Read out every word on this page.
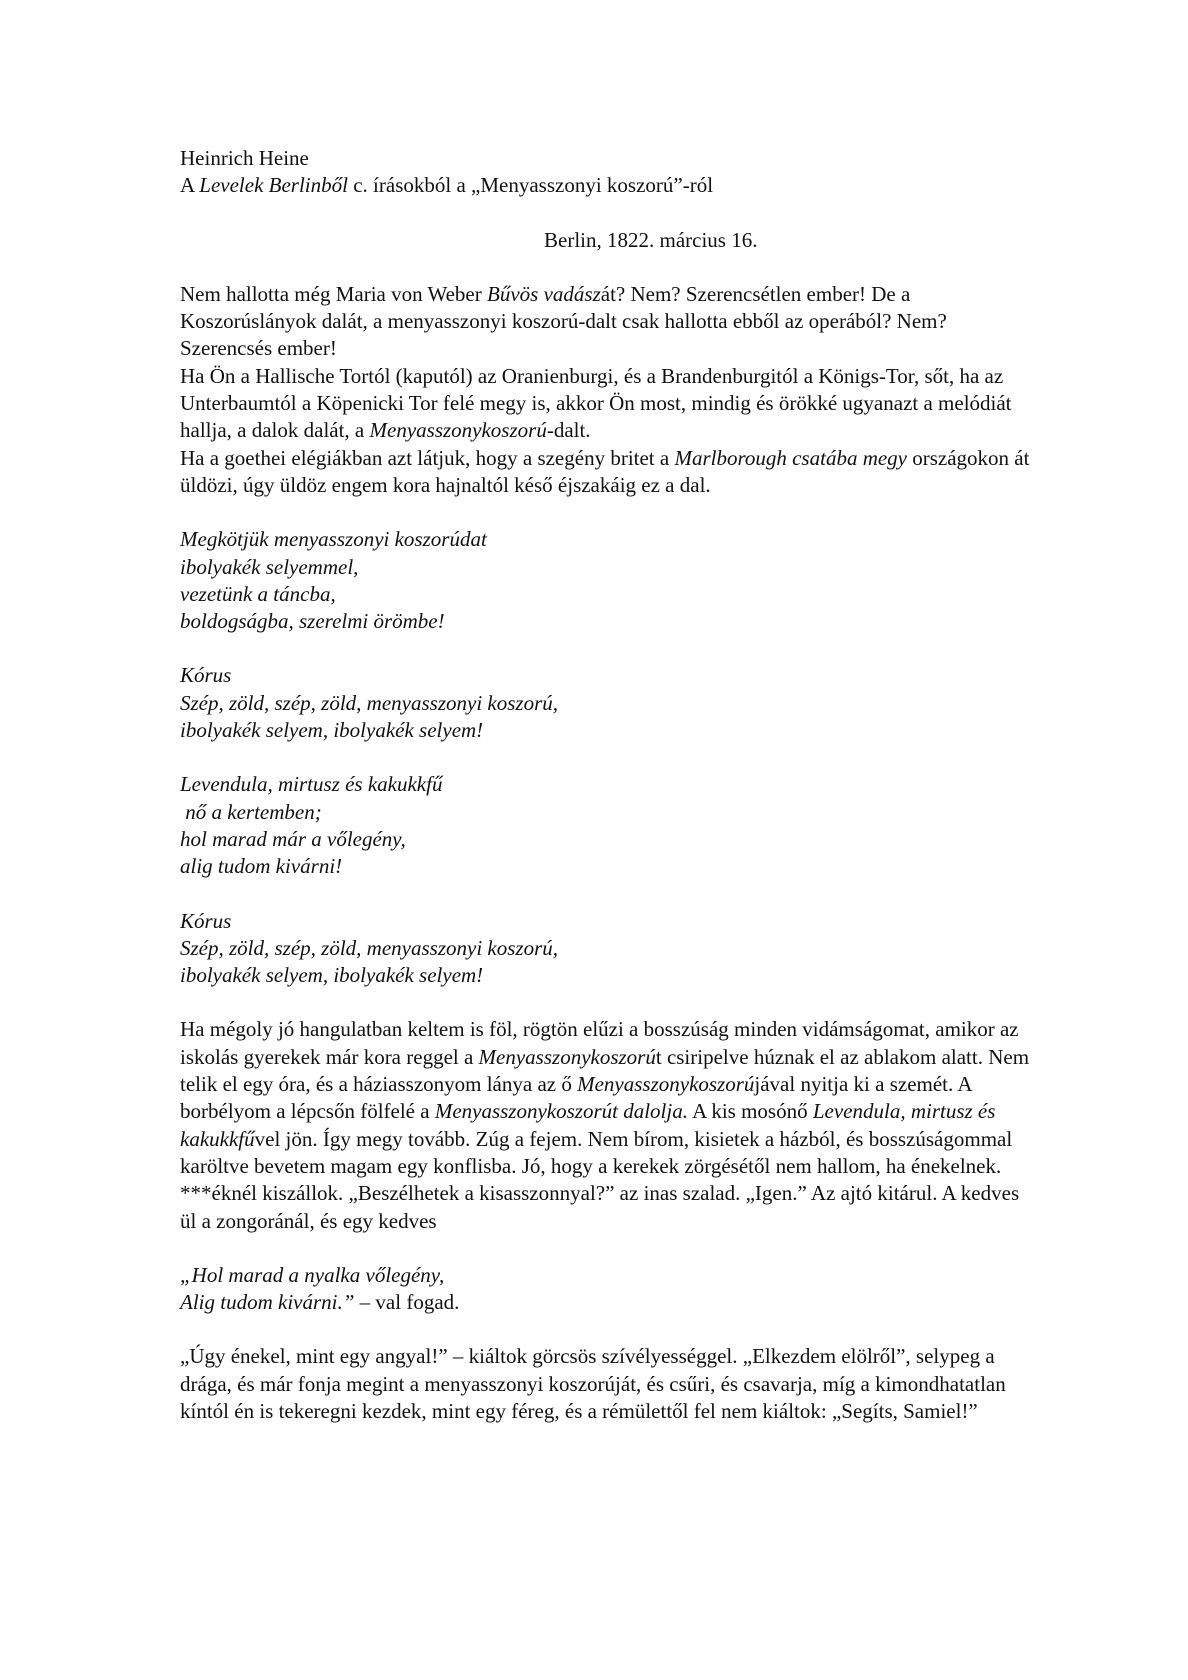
Heinrich Heine
A Levelek Berlinből c. írásokból a „Menyasszonyi koszorú”-ról
Berlin, 1822. március 16.

Nem hallotta még Maria von Weber Bűvös vadászát? Nem? Szerencsétlen ember! De a Koszorúslányok dalát, a menyasszonyi koszorú-dalt csak hallotta ebből az operából? Nem? Szerencsés ember!

Ha Ön a Hallische Tortól (kaputól) az Oranienburgi, és a Brandenburgitól a Königs-Tor, sőt, ha az Unterbaumtól a Köpenicki Tor felé megy is, akkor Ön most, mindig és örökké ugyanazt a melódiát hallja, a dalok dalát, a Menyasszonykoszorú-dalt.

Ha a goethei elégiákban azt látjuk, hogy a szegény britet a Marlborough csatába megy országokon át üldözi, úgy üldöz engem kora hajnaltól késő éjszakáig ez a dal.

Megkötjük menyasszonyi koszorúdat
ibolyakék selyemmel,
vezetünk a táncba,
boldogságba, szerelmi örömbe!
Kórus
Szép, zöld, szép, zöld, menyasszonyi koszorú,
ibolyakék selyem, ibolyakék selyem!
Levendula, mirtusz és kakukkfű
nő a kertemben;
hol marad már a vőlegény,
alig tudom kivárni!
Kórus
Szép, zöld, szép, zöld, menyasszonyi koszorú,
ibolyakék selyem, ibolyakék selyem!

Ha mégoly jó hangulatban keltem is föl, rögtön elűzi a bosszúság minden vidámságomat, amikor az iskolás gyerekek már kora reggel a Menyasszonykoszorút csiripelve húznak el az ablakom alatt. Nem telik el egy óra, és a háziasszonyom lánya az ő Menyasszonykoszorújával nyitja ki a szemét. A borbélyom a lépcsőn fölfelé a Menyasszonykoszorút dalolja. A kis mosónő Levendula, mirtusz és kakukkfűvel jön. Így megy tovább. Zúg a fejem. Nem bírom, kisietek a házból, és bosszúságommal karöltve bevetem magam egy konflisba. Jó, hogy a kerekek zörgésétől nem hallom, ha énekelnek. ***éknél kiszállok. „Beszélhetek a kisasszonnyal?” az inas szalad. „Igen.” Az ajtó kitárul. A kedves ül a zongoránál, és egy kedves

„Hol marad a nyalka vőlegény,
Alig tudom kivárni.” – val fogad.

„Úgy énekel, mint egy angyal!” – kiáltok görcsös szívélyességgel. „Elkezdem elölről”, selypeg a drága, és már fonja megint a menyasszonyi koszorúját, és csűri, és csavarja, míg a kimondhatatlan kíntól én is tekeregni kezdek, mint egy féreg, és a rémülettől fel nem kiáltok: „Segíts, Samiel!”
